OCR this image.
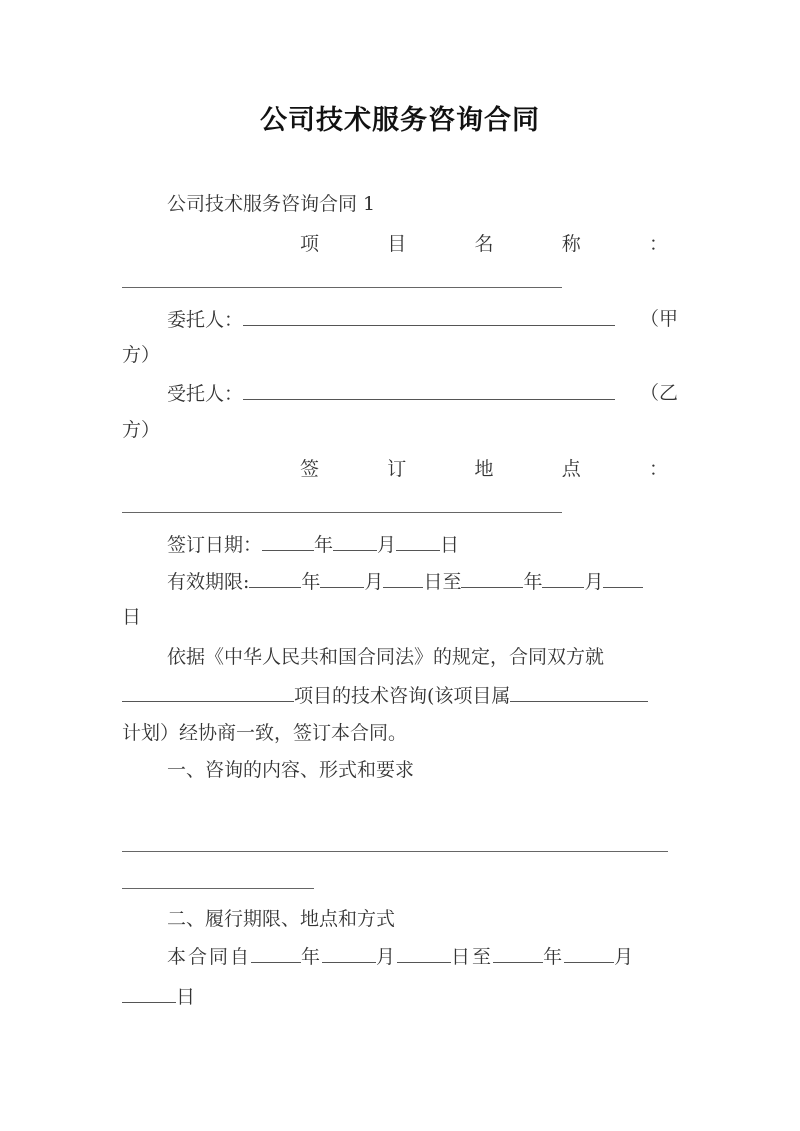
公司技术服务咨询合同
公司技术服务咨询合同 1
项	目	名	称	：
委托人：	（甲
方）
受托人：	（乙
方）
签	订	地	点	：
签订日期：	年 月 日
有效期限:	年 月 日至	年 月
日
依据《中华人民共和国合同法》的规定，合同双方就
项目的技术咨询(该项目属
计划）经协商一致，签订本合同。
一、咨询的内容、形式和要求
二、履行期限、地点和方式
本合同自	年	月	日至	年	月
日
